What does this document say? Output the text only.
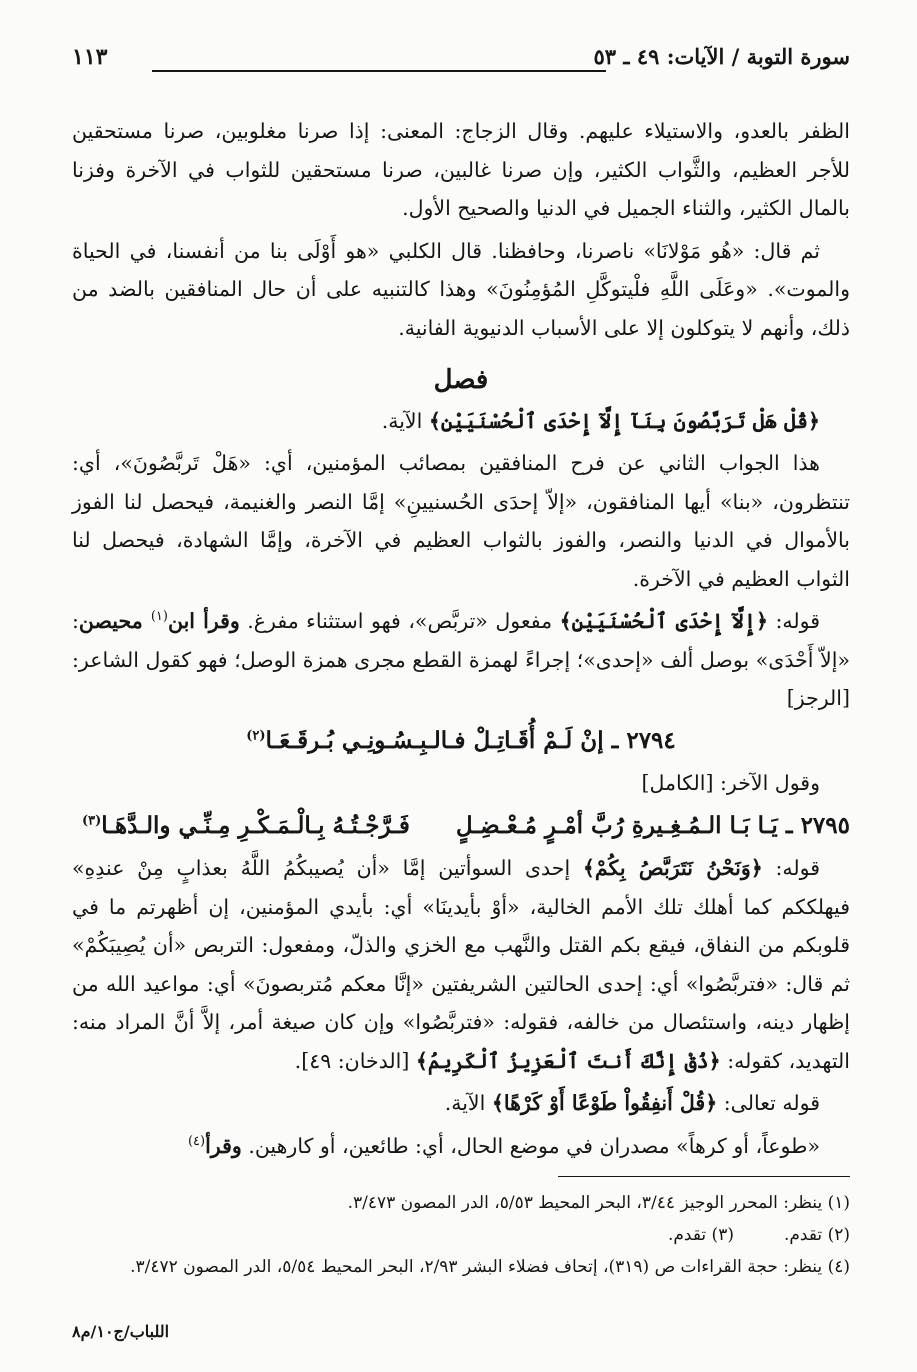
سورة التوبة / الآيات: ٤٩ ـ ٥٣
١١٣

الظفر بالعدو، والاستيلاء عليهم. وقال الزجاج: المعنى: إذا صرنا مغلوبين، صرنا مستحقين للأجر العظيم، والثَّواب الكثير، وإن صرنا غالبين، صرنا مستحقين للثواب في الآخرة وفزنا بالمال الكثير، والثناء الجميل في الدنيا والصحيح الأول.

ثم قال: «هُو مَوْلانَا» ناصرنا، وحافظنا. قال الكلبي «هو أَوْلَى بنا من أنفسنا، في الحياة والموت». «وعَلَى اللَّهِ فلْيتوكَّلِ المُؤمِنُونَ» وهذا كالتنبيه على أن حال المنافقين بالضد من ذلك، وأنهم لا يتوكلون إلا على الأسباب الدنيوية الفانية.

فصل

﴿قُلْ هَلْ تَرَبَّصُونَ بِنَآ إِلَّآ إِحْدَى ٱلْحُسْنَيَيْنِ﴾ الآية.

هذا الجواب الثاني عن فرح المنافقين بمصائب المؤمنين، أي: «هَلْ تَربَّصُونَ»، أي: تنتظرون، «بنا» أيها المنافقون، «إلاّ إحدَى الحُسنيينِ» إمَّا النصر والغنيمة، فيحصل لنا الفوز بالأموال في الدنيا والنصر، والفوز بالثواب العظيم في الآخرة، وإمَّا الشهادة، فيحصل لنا الثواب العظيم في الآخرة.

قوله: ﴿إِلَّآ إِحْدَى ٱلْحُسْنَيَيْنِ﴾ مفعول «تربَّص»، فهو استثناء مفرغ. وقرأ ابن$^{(١)}$ محيصن: «إلاّ أَحْدَى» بوصل ألف «إحدى»؛ إجراءً لهمزة القطع مجرى همزة الوصل؛ فهو كقول الشاعر: [الرجز]

٢٧٩٤ ـ إنْ لَـمْ أُقَـاتِـلْ فـالـبِـسُـونِـي بُـرقَـعَـا$^{(٢)}$

وقول الآخر: [الكامل]

٢٧٩٥ ـ يَـا بَـا الـمُـغِـيرةِ رُبَّ أمْـرٍ مُـعْـضِـلٍ
فَـرَّجْـتُـهُ بِـالْـمَـكْـرِ مِـنِّـي والـدَّهَـا$^{(٣)}$

قوله: ﴿وَنَحْنُ نَتَرَبَّصُ بِكُمْ﴾ إحدى السوأتين إمَّا «أن يُصيبكُمُ اللَّهُ بعذابٍ مِنْ عندِهِ» فيهلككم كما أهلك تلك الأمم الخالية، «أوْ بأيدينَا» أي: بأيدي المؤمنين، إن أظهرتم ما في قلوبكم من النفاق، فيقع بكم القتل والنَّهب مع الخزي والذلّ، ومفعول: التربص «أن يُصِيبَكُمْ» ثم قال: «فتربَّصُوا» أي: إحدى الحالتين الشريفتين «إنَّا معكم مُتربصونَ» أي: مواعيد الله من إظهار دينه، واستئصال من خالفه، فقوله: «فتربَّصُوا» وإن كان صيغة أمر، إلاَّ أنَّ المراد منه: التهديد، كقوله: ﴿ذُقْ إِنَّكَ أَنتَ ٱلْعَزِيزُ ٱلْكَرِيمُ﴾ [الدخان: ٤٩].

قوله تعالى: ﴿قُلْ أَنفِقُواْ طَوْعًا أَوْ كَرْهًا﴾ الآية.

«طوعاً، أو كرهاً» مصدران في موضع الحال، أي: طائعين، أو كارهين. وقرأ$^{(٤)}$

(١) ينظر: المحرر الوجيز ٣/٤٤، البحر المحيط ٥/٥٣، الدر المصون ٣/٤٧٣.

(٢) تقدم.
(٣) تقدم.

(٤) ينظر: حجة القراءات ص (٣١٩)، إتحاف فضلاء البشر ٢/٩٣، البحر المحيط ٥/٥٤، الدر المصون ٣/٤٧٢.

اللباب/ج١٠/م٨
